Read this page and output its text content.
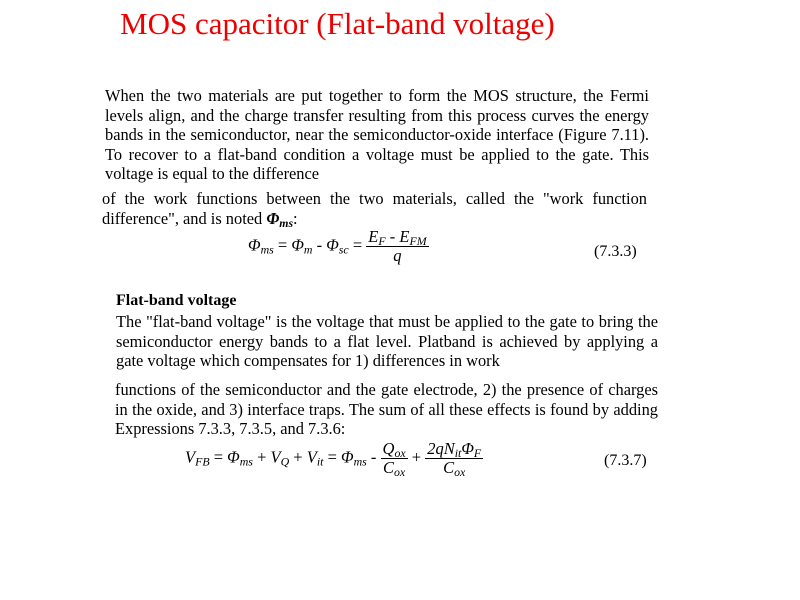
MOS capacitor (Flat-band voltage)
When the two materials are put together to form the MOS structure, the Fermi levels align, and the charge transfer resulting from this process curves the energy bands in the semiconductor, near the semiconductor-oxide interface (Figure 7.11). To recover to a flat-band condition a voltage must be applied to the gate. This voltage is equal to the difference
of the work functions between the two materials, called the "work function difference", and is noted $\Phi_{ms}$:
$\Phi_{ms} = \Phi_m - \Phi_{sc} = \frac{E_F - E_{FM}}{q}$	(7.3.3)
Flat-band voltage
The "flat-band voltage" is the voltage that must be applied to the gate to bring the semiconductor energy bands to a flat level. Platband is achieved by applying a gate voltage which compensates for 1) differences in work
functions of the semiconductor and the gate electrode, 2) the presence of charges in the oxide, and 3) interface traps. The sum of all these effects is found by adding Expressions 7.3.3, 7.3.5, and 7.3.6:
$V_{FB} = \Phi_{ms} + V_Q + V_{it} = \Phi_{ms} - \frac{Q_{ox}}{C_{ox}} + \frac{2qN_{it}\Phi_F}{C_{ox}}$	(7.3.7)
